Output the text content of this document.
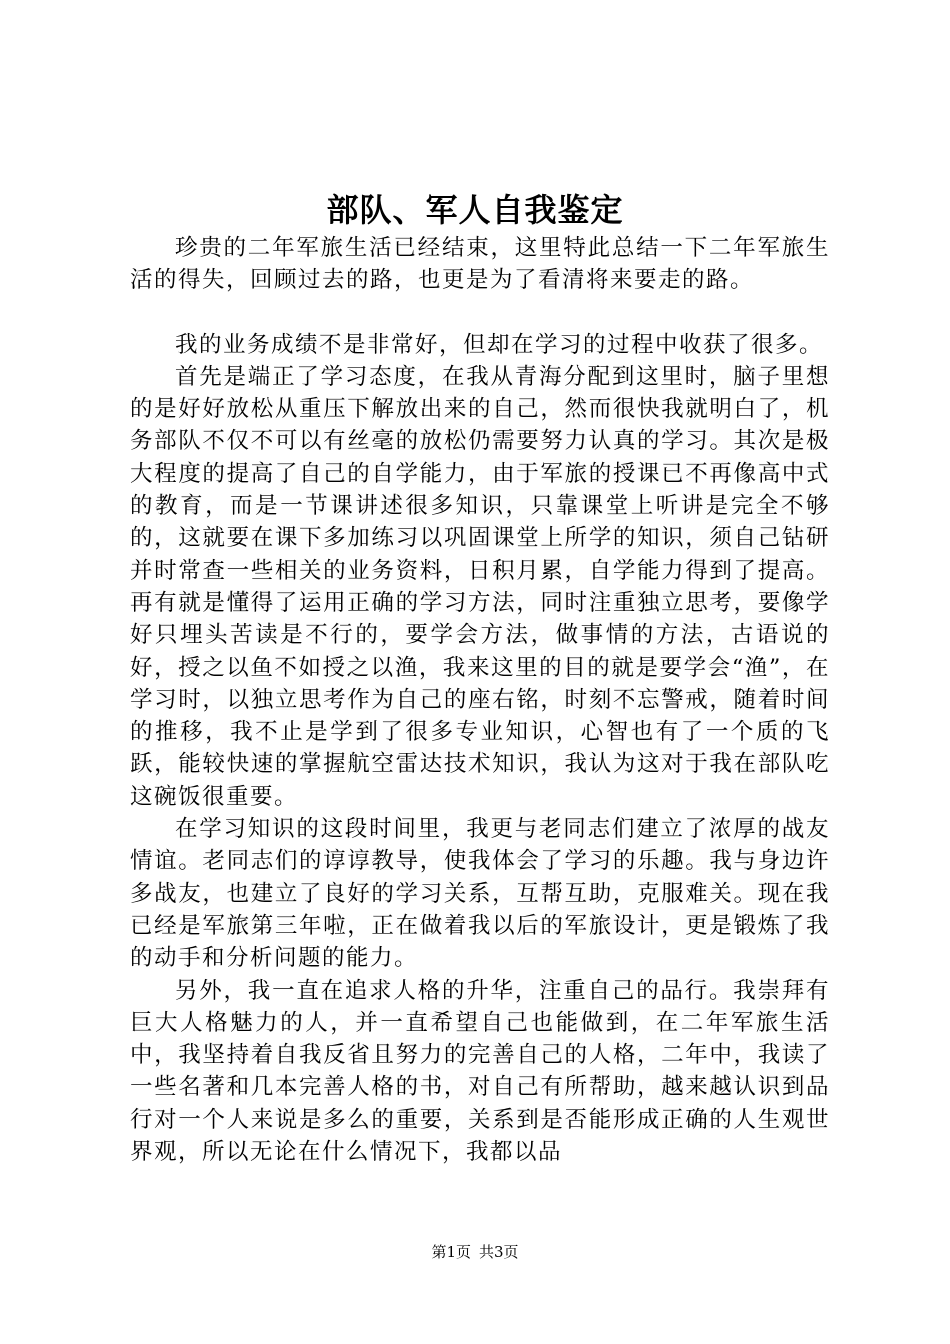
部队、军人自我鉴定

珍贵的二年军旅生活已经结束，这里特此总结一下二年军旅生活的得失，回顾过去的路，也更是为了看清将来要走的路。

我的业务成绩不是非常好，但却在学习的过程中收获了很多。

首先是端正了学习态度，在我从青海分配到这里时，脑子里想的是好好放松从重压下解放出来的自己，然而很快我就明白了，机务部队不仅不可以有丝毫的放松仍需要努力认真的学习。其次是极大程度的提高了自己的自学能力，由于军旅的授课已不再像高中式的教育，而是一节课讲述很多知识，只靠课堂上听讲是完全不够的，这就要在课下多加练习以巩固课堂上所学的知识，须自己钻研并时常查一些相关的业务资料，日积月累，自学能力得到了提高。再有就是懂得了运用正确的学习方法，同时注重独立思考，要像学好只埋头苦读是不行的，要学会方法，做事情的方法，古语说的好，授之以鱼不如授之以渔，我来这里的目的就是要学会“渔”，在学习时，以独立思考作为自己的座右铭，时刻不忘警戒，随着时间的推移，我不止是学到了很多专业知识，心智也有了一个质的飞跃，能较快速的掌握航空雷达技术知识，我认为这对于我在部队吃这碗饭很重要。

在学习知识的这段时间里，我更与老同志们建立了浓厚的战友情谊。老同志们的谆谆教导，使我体会了学习的乐趣。我与身边许多战友，也建立了良好的学习关系，互帮互助，克服难关。现在我已经是军旅第三年啦，正在做着我以后的军旅设计，更是锻炼了我的动手和分析问题的能力。

另外，我一直在追求人格的升华，注重自己的品行。我崇拜有巨大人格魅力的人，并一直希望自己也能做到，在二年军旅生活中，我坚持着自我反省且努力的完善自己的人格，二年中，我读了一些名著和几本完善人格的书，对自己有所帮助，越来越认识到品行对一个人来说是多么的重要，关系到是否能形成正确的人生观世界观，所以无论在什么情况下，我都以品

第1页 共3页
